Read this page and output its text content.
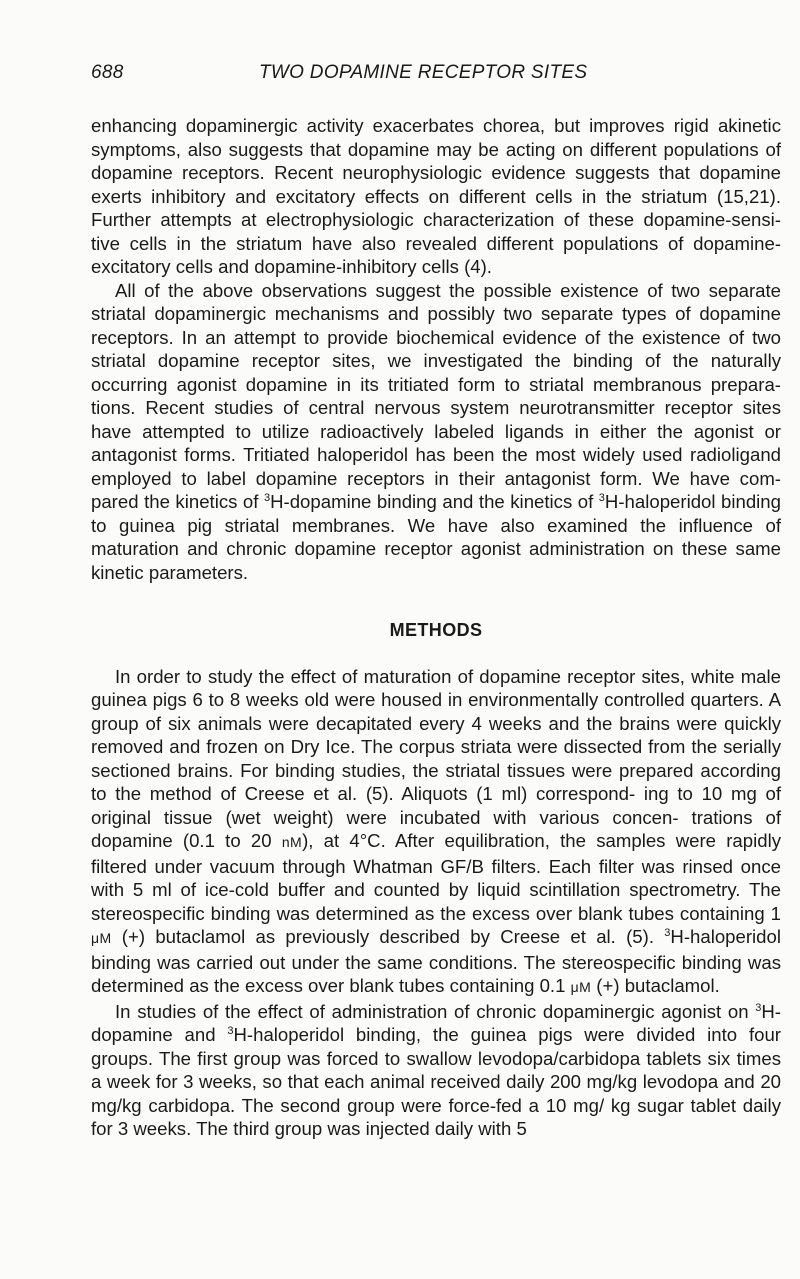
688	TWO DOPAMINE RECEPTOR SITES

enhancing dopaminergic activity exacerbates chorea, but improves rigid akinetic symptoms, also suggests that dopamine may be acting on different populations of dopamine receptors. Recent neurophysiologic evidence suggests that dopamine exerts inhibitory and excitatory effects on different cells in the striatum (15,21). Further attempts at electrophysiologic characterization of these dopamine-sensi- tive cells in the striatum have also revealed different populations of dopamine- excitatory cells and dopamine-inhibitory cells (4).

All of the above observations suggest the possible existence of two separate striatal dopaminergic mechanisms and possibly two separate types of dopamine receptors. In an attempt to provide biochemical evidence of the existence of two striatal dopamine receptor sites, we investigated the binding of the naturally occurring agonist dopamine in its tritiated form to striatal membranous prepara- tions. Recent studies of central nervous system neurotransmitter receptor sites have attempted to utilize radioactively labeled ligands in either the agonist or antagonist forms. Tritiated haloperidol has been the most widely used radioligand employed to label dopamine receptors in their antagonist form. We have com- pared the kinetics of $^3$H-dopamine binding and the kinetics of $^3$H-haloperidol binding to guinea pig striatal membranes. We have also examined the influence of maturation and chronic dopamine receptor agonist administration on these same kinetic parameters.

METHODS

In order to study the effect of maturation of dopamine receptor sites, white male guinea pigs 6 to 8 weeks old were housed in environmentally controlled quarters. A group of six animals were decapitated every 4 weeks and the brains were quickly removed and frozen on Dry Ice. The corpus striata were dissected from the serially sectioned brains. For binding studies, the striatal tissues were prepared according to the method of Creese et al. (5). Aliquots (1 ml) correspond- ing to 10 mg of original tissue (wet weight) were incubated with various concen- trations of dopamine (0.1 to 20 nM), at 4°C. After equilibration, the samples were rapidly filtered under vacuum through Whatman GF/B filters. Each filter was rinsed once with 5 ml of ice-cold buffer and counted by liquid scintillation spectrometry. The stereospecific binding was determined as the excess over blank tubes containing 1 μM (+) butaclamol as previously described by Creese et al. (5). $^3$H-haloperidol binding was carried out under the same conditions. The stereospecific binding was determined as the excess over blank tubes containing 0.1 μM (+) butaclamol.

In studies of the effect of administration of chronic dopaminergic agonist on $^3$H-dopamine and $^3$H-haloperidol binding, the guinea pigs were divided into four groups. The first group was forced to swallow levodopa/carbidopa tablets six times a week for 3 weeks, so that each animal received daily 200 mg/kg levodopa and 20 mg/kg carbidopa. The second group were force-fed a 10 mg/ kg sugar tablet daily for 3 weeks. The third group was injected daily with 5
